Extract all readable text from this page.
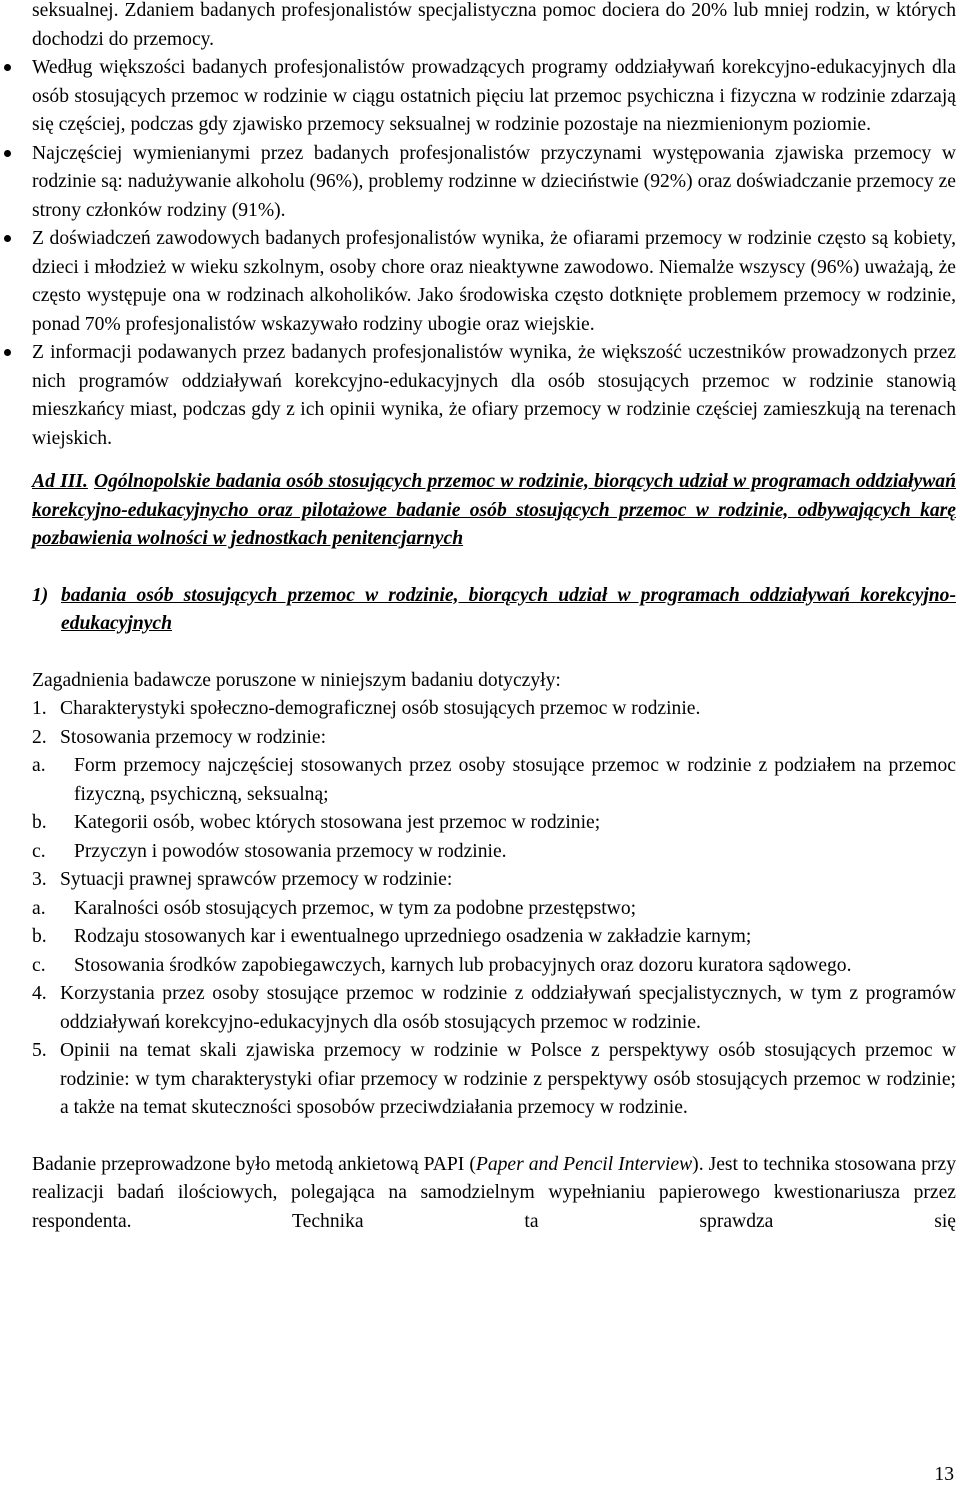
seksualnej. Zdaniem badanych profesjonalistów specjalistyczna pomoc dociera do 20% lub mniej rodzin, w których dochodzi do przemocy.

Według większości badanych profesjonalistów prowadzących programy oddziaływań korekcyjno-edukacyjnych dla osób stosujących przemoc w rodzinie w ciągu ostatnich pięciu lat przemoc psychiczna i fizyczna w rodzinie zdarzają się częściej, podczas gdy zjawisko przemocy seksualnej w rodzinie pozostaje na niezmienionym poziomie.
Najczęściej wymienianymi przez badanych profesjonalistów przyczynami występowania zjawiska przemocy w rodzinie są: nadużywanie alkoholu (96%), problemy rodzinne w dzieciństwie (92%) oraz doświadczanie przemocy ze strony członków rodziny (91%).
Z doświadczeń zawodowych badanych profesjonalistów wynika, że ofiarami przemocy w rodzinie często są kobiety, dzieci i młodzież w wieku szkolnym, osoby chore oraz nieaktywne zawodowo. Niemalże wszyscy (96%) uważają, że często występuje ona w rodzinach alkoholików. Jako środowiska często dotknięte problemem przemocy w rodzinie, ponad 70% profesjonalistów wskazywało rodziny ubogie oraz wiejskie.
Z informacji podawanych przez badanych profesjonalistów wynika, że większość uczestników prowadzonych przez nich programów oddziaływań korekcyjno-edukacyjnych dla osób stosujących przemoc w rodzinie stanowią mieszkańcy miast, podczas gdy z ich opinii wynika, że ofiary przemocy w rodzinie częściej zamieszkują na terenach wiejskich.

Ad III. Ogólnopolskie badania osób stosujących przemoc w rodzinie, biorących udział w programach oddziaływań korekcyjno-edukacyjnycho oraz pilotażowe badanie osób stosujących przemoc w rodzinie, odbywających karę pozbawienia wolności w jednostkach penitencjarnych

1) badania osób stosujących przemoc w rodzinie, biorących udział w programach oddziaływań korekcyjno-edukacyjnych

Zagadnienia badawcze poruszone w niniejszym badaniu dotyczyły:

1. Charakterystyki społeczno-demograficznej osób stosujących przemoc w rodzinie.
2. Stosowania przemocy w rodzinie:
a.	Form przemocy najczęściej stosowanych przez osoby stosujące przemoc w rodzinie z podziałem na przemoc fizyczną, psychiczną, seksualną;
b.	Kategorii osób, wobec których stosowana jest przemoc w rodzinie;
c.	Przyczyn i powodów stosowania przemocy w rodzinie.
3. Sytuacji prawnej sprawców przemocy w rodzinie:
a.	Karalności osób stosujących przemoc, w tym za podobne przestępstwo;
b.	Rodzaju stosowanych kar i ewentualnego uprzedniego osadzenia w zakładzie karnym;
c.	Stosowania środków zapobiegawczych, karnych lub probacyjnych oraz dozoru kuratora sądowego.
4. Korzystania przez osoby stosujące przemoc w rodzinie z oddziaływań specjalistycznych, w tym z programów oddziaływań korekcyjno-edukacyjnych dla osób stosujących przemoc w rodzinie.
5. Opinii na temat skali zjawiska przemocy w rodzinie w Polsce z perspektywy osób stosujących przemoc w rodzinie: w tym charakterystyki ofiar przemocy w rodzinie z perspektywy osób stosujących przemoc w rodzinie; a także na temat skuteczności sposobów przeciwdziałania przemocy w rodzinie.

Badanie przeprowadzone było metodą ankietową PAPI (Paper and Pencil Interview). Jest to technika stosowana przy realizacji badań ilościowych, polegająca na samodzielnym wypełnianiu papierowego kwestionariusza przez respondenta. Technika ta sprawdza się

13
